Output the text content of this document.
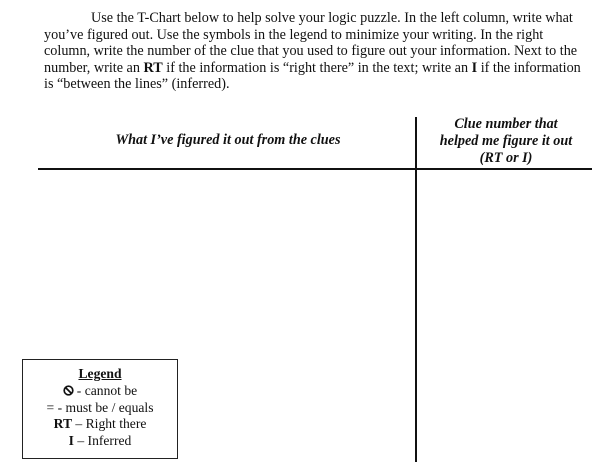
Use the T-Chart below to help solve your logic puzzle. In the left column, write what you’ve figured out. Use the symbols in the legend to minimize your writing. In the right column, write the number of the clue that you used to figure out your information. Next to the number, write an RT if the information is “right there” in the text; write an I if the information is “between the lines” (inferred).

What I’ve figured it out from the clues
Clue number that
helped me figure it out
(RT or I)
Legend
- cannot be
= - must be / equals
RT – Right there
I – Inferred
